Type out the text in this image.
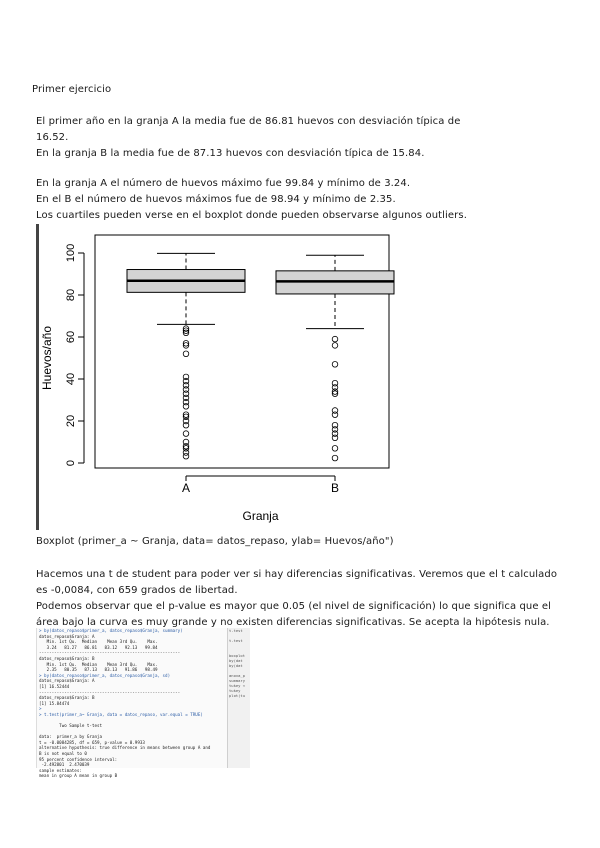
Primer ejercicio
El primer año en la granja A la media fue de 86.81 huevos con desviación típica de
16.52.
En la granja B la media fue de 87.13 huevos con desviación típica de 15.84.
En la granja A el número de huevos máximo fue 99.84 y mínimo de 3.24.
En el B el número de huevos máximos fue de 98.94 y mínimo de 2.35.
Los cuartiles pueden verse en el boxplot donde pueden observarse algunos outliers.
0
20
40
60
80
100
Huevos/año
A	B
Granja
Boxplot (primer_a ~ Granja, data= datos_repaso, ylab= Huevos/año")
Hacemos una t de student para poder ver si hay diferencias significativas. Veremos que el t calculado
es -0,0084, con 659 grados de libertad.
Podemos observar que el p-value es mayor que 0.05 (el nivel de significación) lo que significa que el
área bajo la curva es muy grande y no existen diferencias significativas. Se acepta la hipótesis nula.
> by(datos_repaso$primer_a, datos_repaso$Granja, summary)
datos_repaso$Granja: A
Min. 1st Qu.  Median    Mean 3rd Qu.    Max.
3.24   81.27   86.81   83.12   92.13   99.84
--------------------------------------------------------
datos_repaso$Granja: B
Min. 1st Qu.  Median    Mean 3rd Qu.    Max.
2.35   80.35   87.13   83.13   91.86   98.49
> by(datos_repaso$primer_a, datos_repaso$Granja, sd)
datos_repaso$Granja: A
[1] 16.52444
--------------------------------------------------------
datos_repaso$Granja: B
[1] 15.84474
>
> t.test(primer_a~ Granja, data = datos_repaso, var.equal = TRUE)

Two Sample t-test

data:  primer_a by Granja
t = -0.0084285, df = 659, p-value = 0.9933
alternative hypothesis: true difference in means between group A and
B is not equal to 0
95 percent confidence interval:
-2.492801  2.470039
sample estimates:
mean in group A mean in group B
t.test

t.test

boxplot
by(dat
by(dat

anova_p
summary
tukey <
tukey
plot(tu
